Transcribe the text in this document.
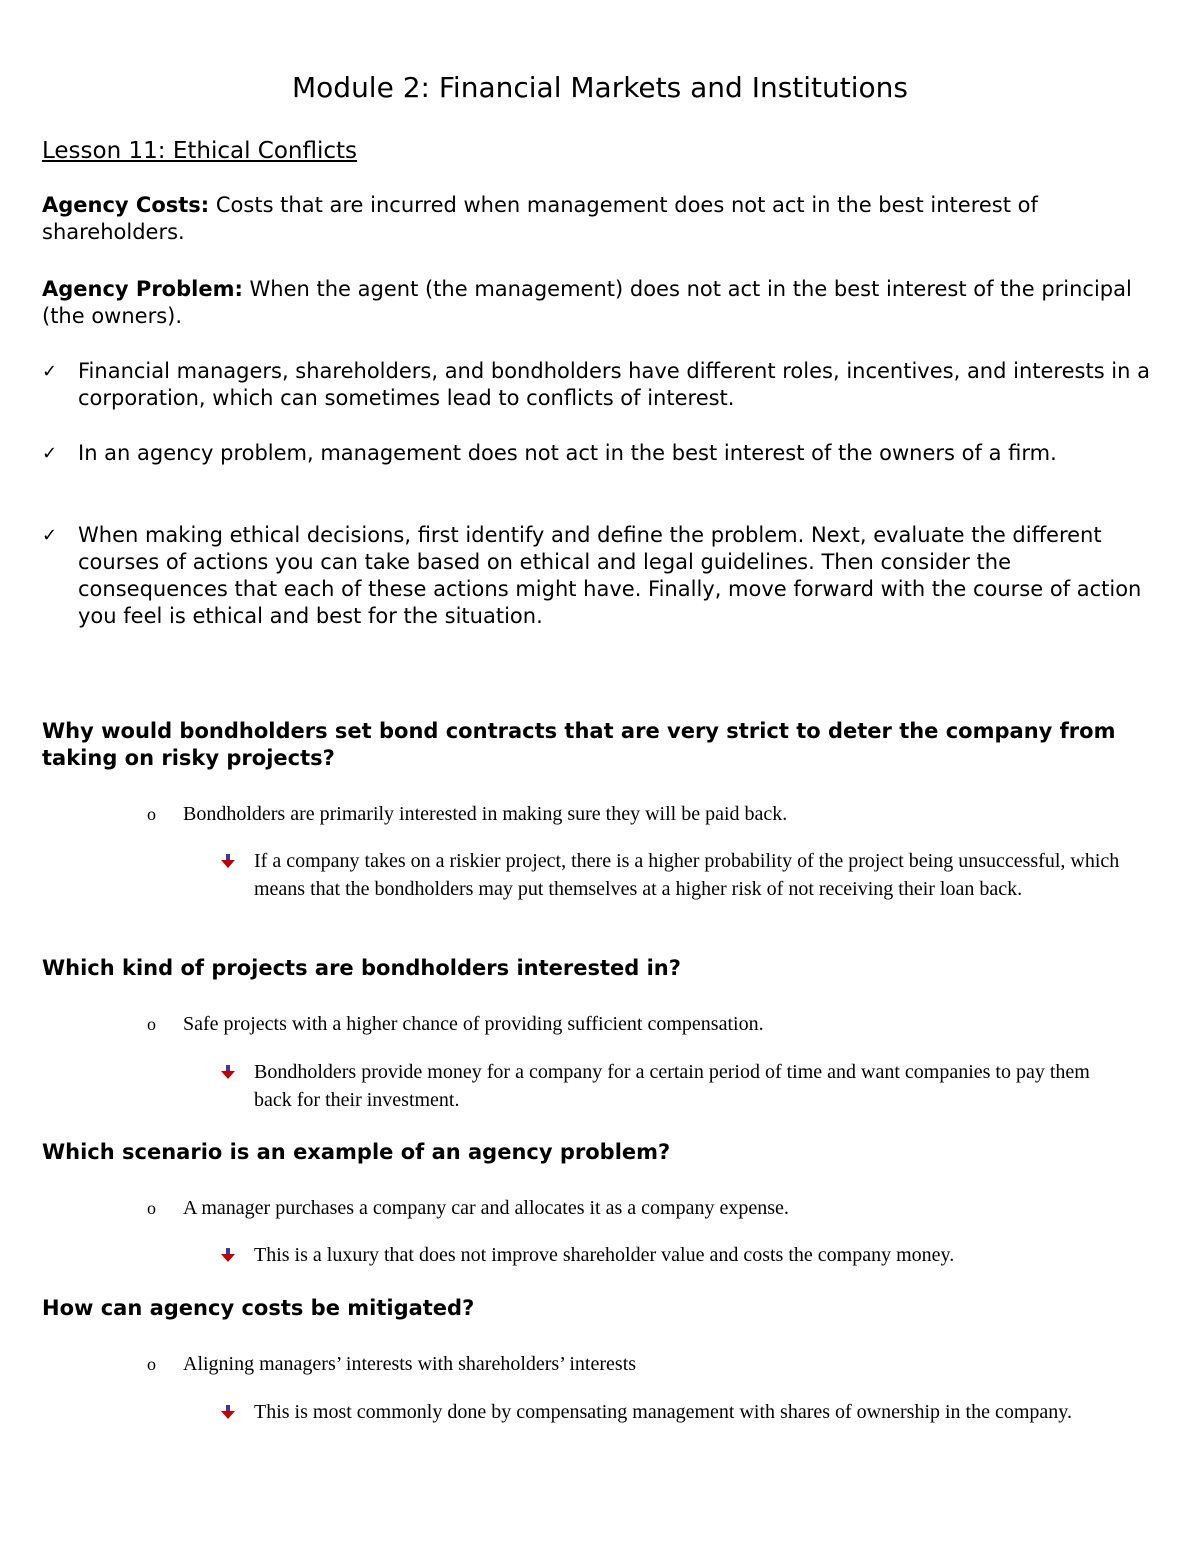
Module 2: Financial Markets and Institutions
Lesson 11: Ethical Conflicts
Agency Costs: Costs that are incurred when management does not act in the best interest of shareholders.
Agency Problem: When the agent (the management) does not act in the best interest of the principal (the owners).
✓ Financial managers, shareholders, and bondholders have different roles, incentives, and interests in a corporation, which can sometimes lead to conflicts of interest.
✓ In an agency problem, management does not act in the best interest of the owners of a firm.
✓ When making ethical decisions, first identify and define the problem. Next, evaluate the different courses of actions you can take based on ethical and legal guidelines. Then consider the consequences that each of these actions might have. Finally, move forward with the course of action you feel is ethical and best for the situation.
Why would bondholders set bond contracts that are very strict to deter the company from taking on risky projects?
o Bondholders are primarily interested in making sure they will be paid back.
If a company takes on a riskier project, there is a higher probability of the project being unsuccessful, which means that the bondholders may put themselves at a higher risk of not receiving their loan back.
Which kind of projects are bondholders interested in?
o Safe projects with a higher chance of providing sufficient compensation.
Bondholders provide money for a company for a certain period of time and want companies to pay them back for their investment.
Which scenario is an example of an agency problem?
o A manager purchases a company car and allocates it as a company expense.
This is a luxury that does not improve shareholder value and costs the company money.
How can agency costs be mitigated?
o Aligning managers’ interests with shareholders’ interests
This is most commonly done by compensating management with shares of ownership in the company.
